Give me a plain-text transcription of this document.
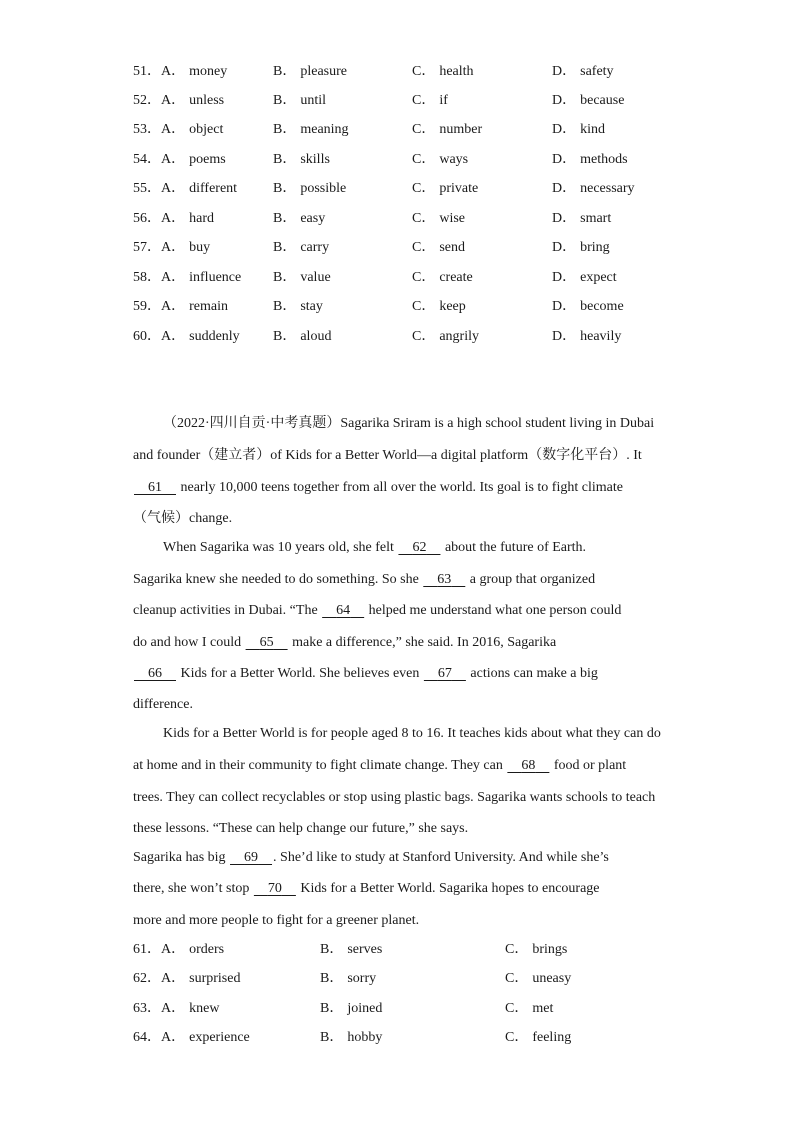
51． A． money	B． pleasure	C． health	D． safety
52． A． unless	B． until	C． if	D． because
53． A． object	B． meaning	C． number	D． kind
54． A． poems	B． skills	C． ways	D． methods
55． A． different	B． possible	C． private	D． necessary
56． A． hard	B． easy	C． wise	D． smart
57． A． buy	B． carry	C． send	D． bring
58． A． influence B． value	C． create	D． expect
59． A． remain	B． stay	C． keep	D． become
60． A． suddenly B． aloud	C． angrily	D． heavily
（2022·四川自贡·中考真题）Sagarika Sriram is a high school student living in Dubai
and founder（建立者）of Kids for a Better World—a digital platform（数字化平台）. It
61     nearly 10,000 teens together from all over the world. Its goal is to fight climate
（气候）change.
When Sagarika was 10 years old, she felt     62     about the future of Earth.
Sagarika knew she needed to do something. So she     63     a group that organized
cleanup activities in Dubai. “The     64     helped me understand what one person could
do and how I could     65     make a difference,” she said. In 2016, Sagarika
66     Kids for a Better World. She believes even     67     actions can make a big
difference.
Kids for a Better World is for people aged 8 to 16. It teaches kids about what they can do
at home and in their community to fight climate change. They can     68     food or plant
trees. They can collect recyclables or stop using plastic bags. Sagarika wants schools to teach
these lessons. “These can help change our future,” she says.
Sagarika has big     69 . She’d like to study at Stanford University. And while she’s
there, she won’t stop     70     Kids for a Better World. Sagarika hopes to encourage
more and more people to fight for a greener planet.
61． A． orders	B． serves	C． brings
62． A． surprised	B． sorry	C． uneasy
63． A． knew	B． joined	C． met
64． A． experience	B． hobby	C． feeling
